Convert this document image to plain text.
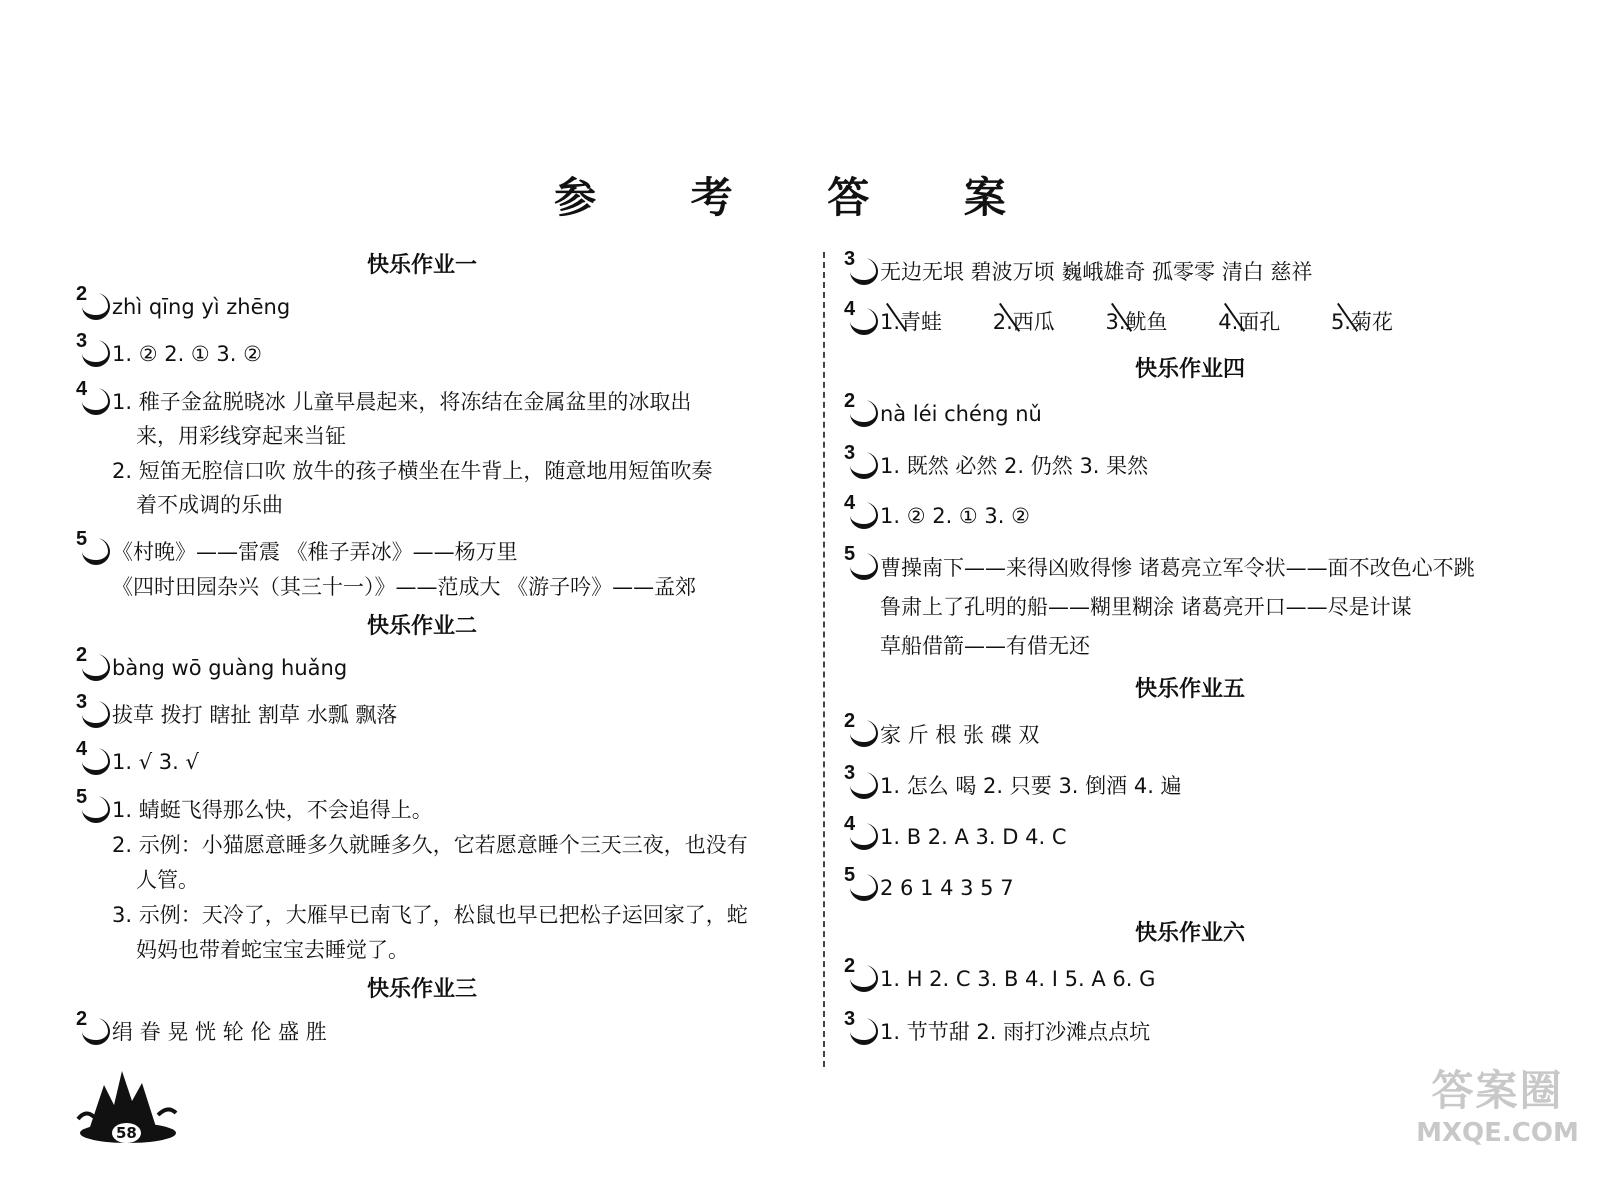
参 考 答 案
快乐作业一
2
zhì qīng yì zhēng
3
1. ② 2. ① 3. ②
4
1. 稚子金盆脱晓冰 儿童早晨起来，将冻结在金属盆里的冰取出
来，用彩线穿起来当钲
2. 短笛无腔信口吹 放牛的孩子横坐在牛背上，随意地用短笛吹奏
着不成调的乐曲
5
《村晚》——雷震 《稚子弄冰》——杨万里
《四时田园杂兴（其三十一）》——范成大 《游子吟》——孟郊
快乐作业二
2
bàng wō guàng huǎng
3
拔草 拨打 瞎扯 割草 水瓢 飘落
4
1. √ 3. √
5
1. 蜻蜓飞得那么快，不会追得上。
2. 示例：小猫愿意睡多久就睡多久，它若愿意睡个三天三夜，也没有
人管。
3. 示例：天冷了，大雁早已南飞了，松鼠也早已把松子运回家了，蛇
妈妈也带着蛇宝宝去睡觉了。
快乐作业三
2
绢 眷 晃 恍 轮 伦 盛 胜
3
无边无垠 碧波万顷 巍峨雄奇 孤零零 清白 慈祥
4
1.青蛙 2.西瓜 3.鱿鱼 4.面孔 5.菊花
快乐作业四
2
nà léi chéng nǔ
3
1. 既然 必然 2. 仍然 3. 果然
4
1. ② 2. ① 3. ②
5
曹操南下——来得凶败得惨 诸葛亮立军令状——面不改色心不跳
鲁肃上了孔明的船——糊里糊涂 诸葛亮开口——尽是计谋
草船借箭——有借无还
快乐作业五
2
家 斤 根 张 碟 双
3
1. 怎么 喝 2. 只要 3. 倒酒 4. 遍
4
1. B 2. A 3. D 4. C
5
2 6 1 4 3 5 7
快乐作业六
2
1. H 2. C 3. B 4. I 5. A 6. G
3
1. 节节甜 2. 雨打沙滩点点坑
58
答案圈
MXQE.COM
